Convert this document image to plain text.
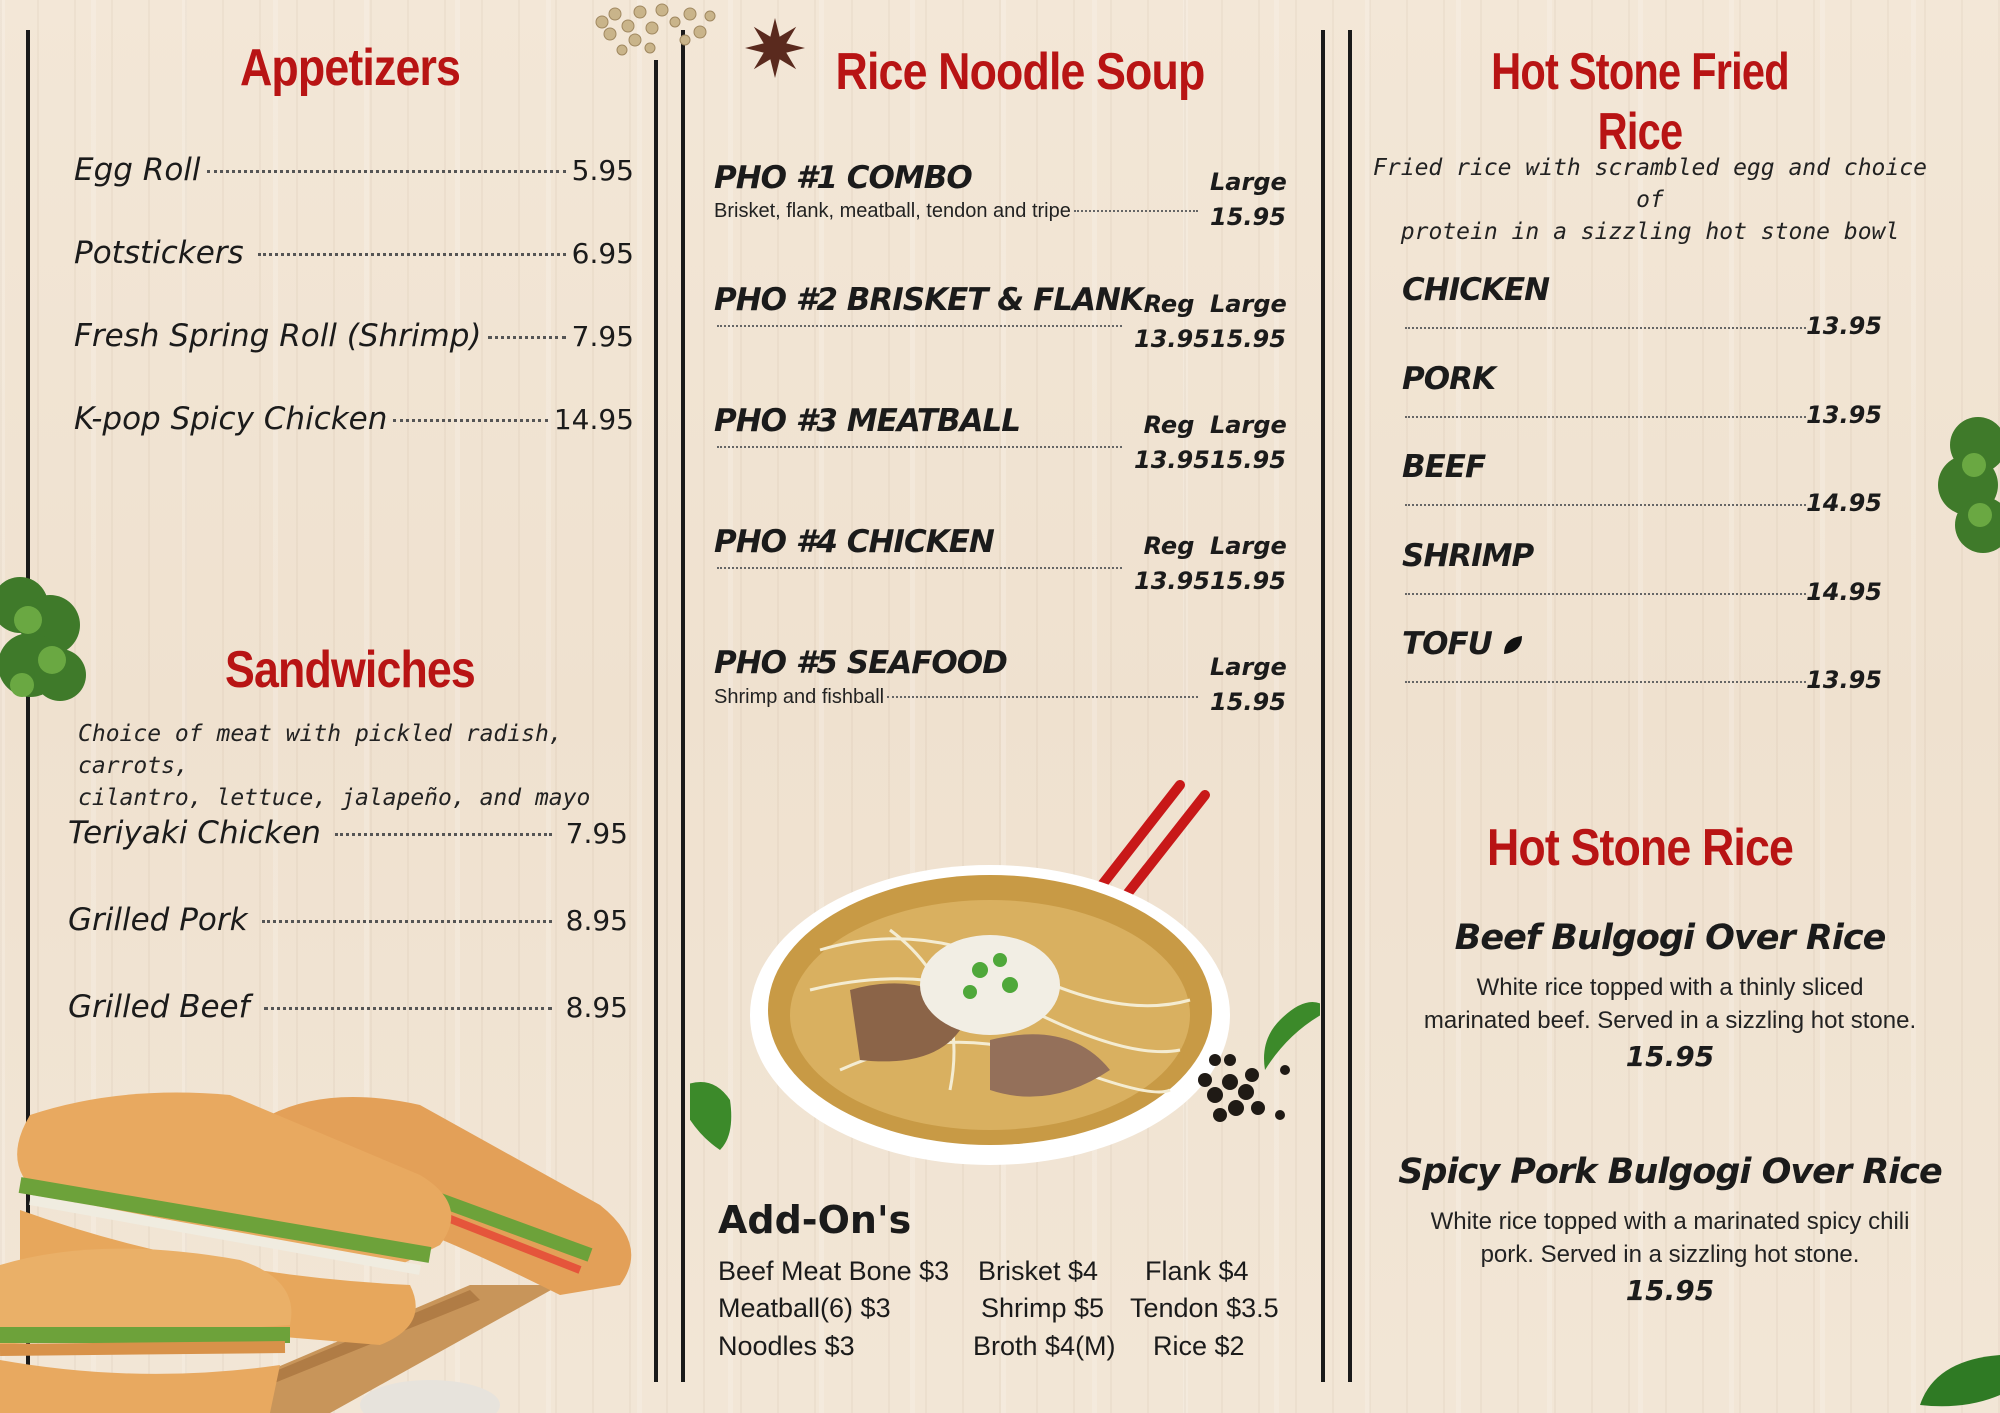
Appetizers
Egg Roll	5.95
Potstickers	6.95
Fresh Spring Roll (Shrimp)	7.95
K-pop Spicy Chicken	14.95
Sandwiches
Choice of meat with pickled radish, carrots,
cilantro, lettuce, jalapeño, and mayo
Teriyaki Chicken	7.95
Grilled Pork	8.95
Grilled Beef	8.95
Rice Noodle Soup
PHO #1 COMBO
Brisket, flank, meatball, tendon and tripe
Large
15.95
PHO #2 BRISKET & FLANK Reg Large
13.95 15.95
PHO #3 MEATBALL	Reg Large
13.95 15.95
PHO #4 CHICKEN	Reg Large
13.95 15.95
PHO #5 SEAFOOD
Shrimp and fishball
Large
15.95
Add-On's
Beef Meat Bone $3 Brisket $4 Flank $4
Meatball(6) $3	Shrimp $5 Tendon $3.5
Noodles $3	Broth $4(M) Rice $2
Hot Stone Fried Rice
Fried rice with scrambled egg and choice of
protein in a sizzling hot stone bowl
CHICKEN
13.95
PORK
13.95
BEEF
14.95
SHRIMP
14.95
TOFU
13.95
Hot Stone Rice
Beef Bulgogi Over Rice
White rice topped with a thinly sliced
marinated beef. Served in a sizzling hot stone.
15.95
Spicy Pork Bulgogi Over Rice
White rice topped with a marinated spicy chili
pork. Served in a sizzling hot stone.
15.95
